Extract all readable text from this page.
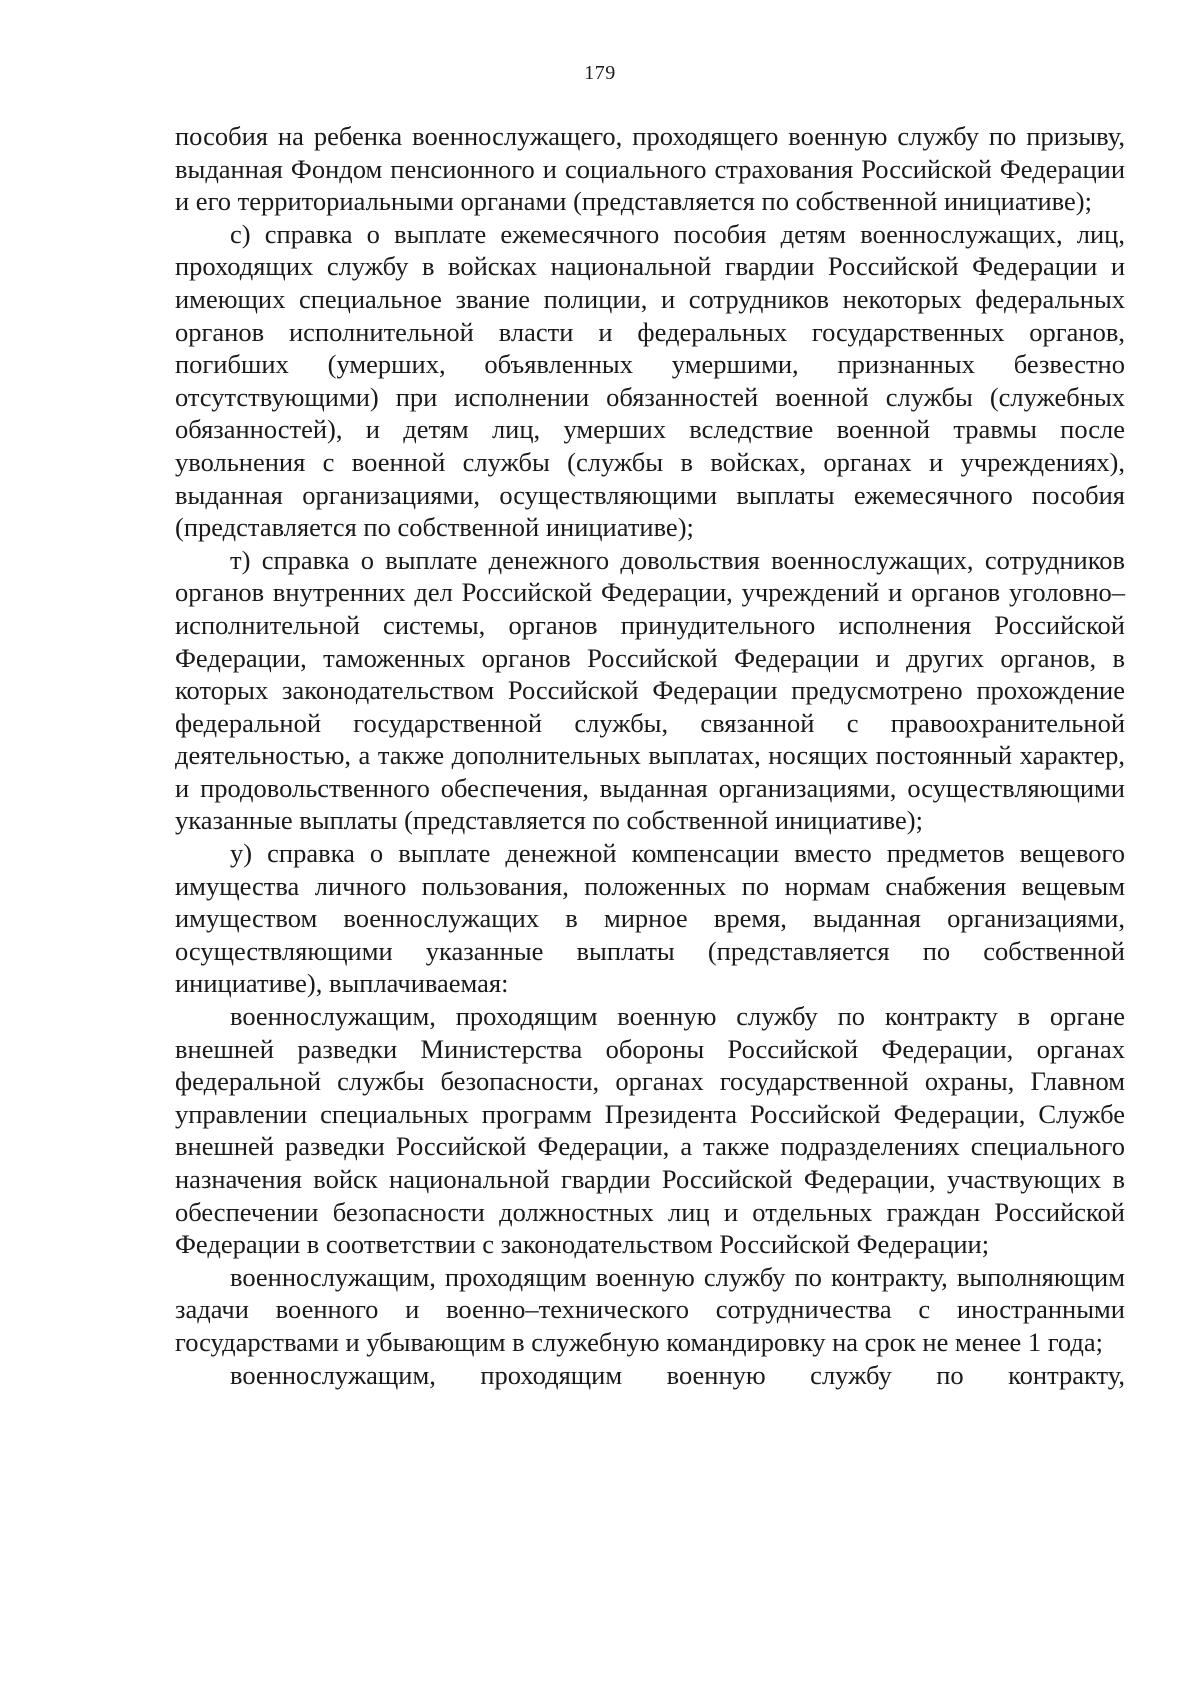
179

пособия на ребенка военнослужащего, проходящего военную службу по призыву, выданная Фондом пенсионного и социального страхования Российской Федерации и его территориальными органами (представляется по собственной инициативе);

с) справка о выплате ежемесячного пособия детям военнослужащих, лиц, проходящих службу в войсках национальной гвардии Российской Федерации и имеющих специальное звание полиции, и сотрудников некоторых федеральных органов исполнительной власти и федеральных государственных органов, погибших (умерших, объявленных умершими, признанных безвестно отсутствующими) при исполнении обязанностей военной службы (служебных обязанностей), и детям лиц, умерших вследствие военной травмы после увольнения с военной службы (службы в войсках, органах и учреждениях), выданная организациями, осуществляющими выплаты ежемесячного пособия (представляется по собственной инициативе);

т) справка о выплате денежного довольствия военнослужащих, сотрудников органов внутренних дел Российской Федерации, учреждений и органов уголовно–исполнительной системы, органов принудительного исполнения Российской Федерации, таможенных органов Российской Федерации и других органов, в которых законодательством Российской Федерации предусмотрено прохождение федеральной государственной службы, связанной с правоохранительной деятельностью, а также дополнительных выплатах, носящих постоянный характер, и продовольственного обеспечения, выданная организациями, осуществляющими указанные выплаты (представляется по собственной инициативе);

у) справка о выплате денежной компенсации вместо предметов вещевого имущества личного пользования, положенных по нормам снабжения вещевым имуществом военнослужащих в мирное время, выданная организациями, осуществляющими указанные выплаты (представляется по собственной инициативе), выплачиваемая:

военнослужащим, проходящим военную службу по контракту в органе внешней разведки Министерства обороны Российской Федерации, органах федеральной службы безопасности, органах государственной охраны, Главном управлении специальных программ Президента Российской Федерации, Службе внешней разведки Российской Федерации, а также подразделениях специального назначения войск национальной гвардии Российской Федерации, участвующих в обеспечении безопасности должностных лиц и отдельных граждан Российской Федерации в соответствии с законодательством Российской Федерации;

военнослужащим, проходящим военную службу по контракту, выполняющим задачи военного и военно–технического сотрудничества с иностранными государствами и убывающим в служебную командировку на срок не менее 1 года;

военнослужащим, проходящим военную службу по контракту,
